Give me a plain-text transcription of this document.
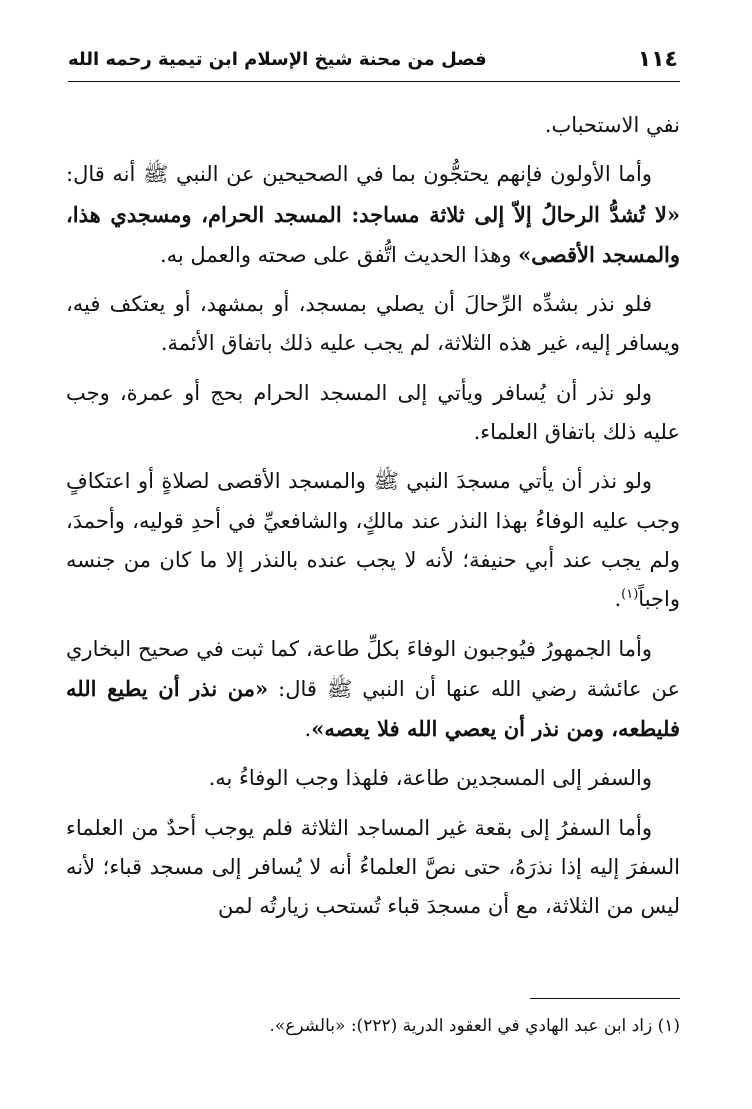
١١٤
فصل من محنة شيخ الإسلام ابن تيمية رحمه الله

نفي الاستحباب.

وأما الأولون فإنهم يحتجُّون بما في الصحيحين عن النبي ﷺ أنه قال: «لا تُشدُّ الرحالُ إلاّ إلى ثلاثة مساجد: المسجد الحرام، ومسجدي هذا، والمسجد الأقصى» وهذا الحديث اتُّفق على صحته والعمل به.

فلو نذر بشدِّه الرِّحالَ أن يصلي بمسجد، أو بمشهد، أو يعتكف فيه، ويسافر إليه، غير هذه الثلاثة، لم يجب عليه ذلك باتفاق الأئمة.

ولو نذر أن يُسافر ويأتي إلى المسجد الحرام بحج أو عمرة، وجب عليه ذلك باتفاق العلماء.

ولو نذر أن يأتي مسجدَ النبي ﷺ والمسجد الأقصى لصلاةٍ أو اعتكافٍ وجب عليه الوفاءُ بهذا النذر عند مالكٍ، والشافعيِّ في أحدِ قوليه، وأحمدَ، ولم يجب عند أبي حنيفة؛ لأنه لا يجب عنده بالنذر إلا ما كان من جنسه واجباً$^{(١)}$.

وأما الجمهورُ فيُوجبون الوفاءَ بكلِّ طاعة، كما ثبت في صحيح البخاري عن عائشة رضي الله عنها أن النبي ﷺ قال: «من نذر أن يطيع الله فليطعه، ومن نذر أن يعصي الله فلا يعصه».

والسفر إلى المسجدين طاعة، فلهذا وجب الوفاءُ به.

وأما السفرُ إلى بقعة غير المساجد الثلاثة فلم يوجب أحدٌ من العلماء السفرَ إليه إذا نذرَهُ، حتى نصَّ العلماءُ أنه لا يُسافر إلى مسجد قباء؛ لأنه ليس من الثلاثة، مع أن مسجدَ قباء تُستحب زيارتُه لمن

(١) زاد ابن عبد الهادي في العقود الدرية (٢٢٢): «بالشرع».
